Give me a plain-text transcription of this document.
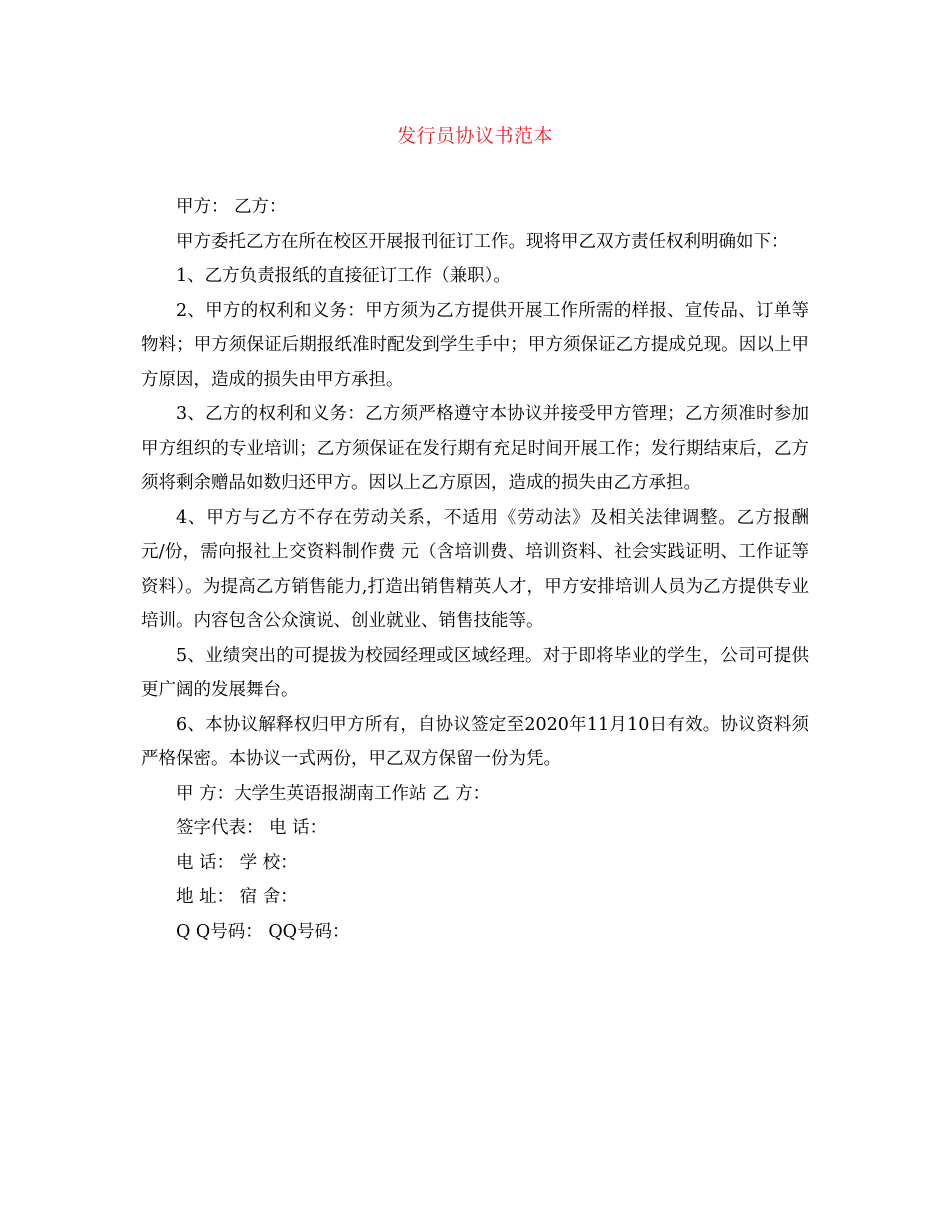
发行员协议书范本

甲方： 乙方：

甲方委托乙方在所在校区开展报刊征订工作。现将甲乙双方责任权利明确如下：

1、乙方负责报纸的直接征订工作（兼职）。

2、甲方的权利和义务：甲方须为乙方提供开展工作所需的样报、宣传品、订单等物料；甲方须保证后期报纸准时配发到学生手中；甲方须保证乙方提成兑现。因以上甲方原因，造成的损失由甲方承担。

3、乙方的权利和义务：乙方须严格遵守本协议并接受甲方管理；乙方须准时参加甲方组织的专业培训；乙方须保证在发行期有充足时间开展工作；发行期结束后，乙方须将剩余赠品如数归还甲方。因以上乙方原因，造成的损失由乙方承担。

4、甲方与乙方不存在劳动关系，不适用《劳动法》及相关法律调整。乙方报酬 元/份，需向报社上交资料制作费 元（含培训费、培训资料、社会实践证明、工作证等资料）。为提高乙方销售能力,打造出销售精英人才，甲方安排培训人员为乙方提供专业培训。内容包含公众演说、创业就业、销售技能等。

5、业绩突出的可提拔为校园经理或区域经理。对于即将毕业的学生，公司可提供更广阔的发展舞台。

6、本协议解释权归甲方所有，自协议签定至2020年11月10日有效。协议资料须严格保密。本协议一式两份，甲乙双方保留一份为凭。

甲 方：大学生英语报湖南工作站 乙 方：

签字代表： 电 话：

电 话： 学 校：

地 址： 宿 舍：

Q Q号码： QQ号码：
